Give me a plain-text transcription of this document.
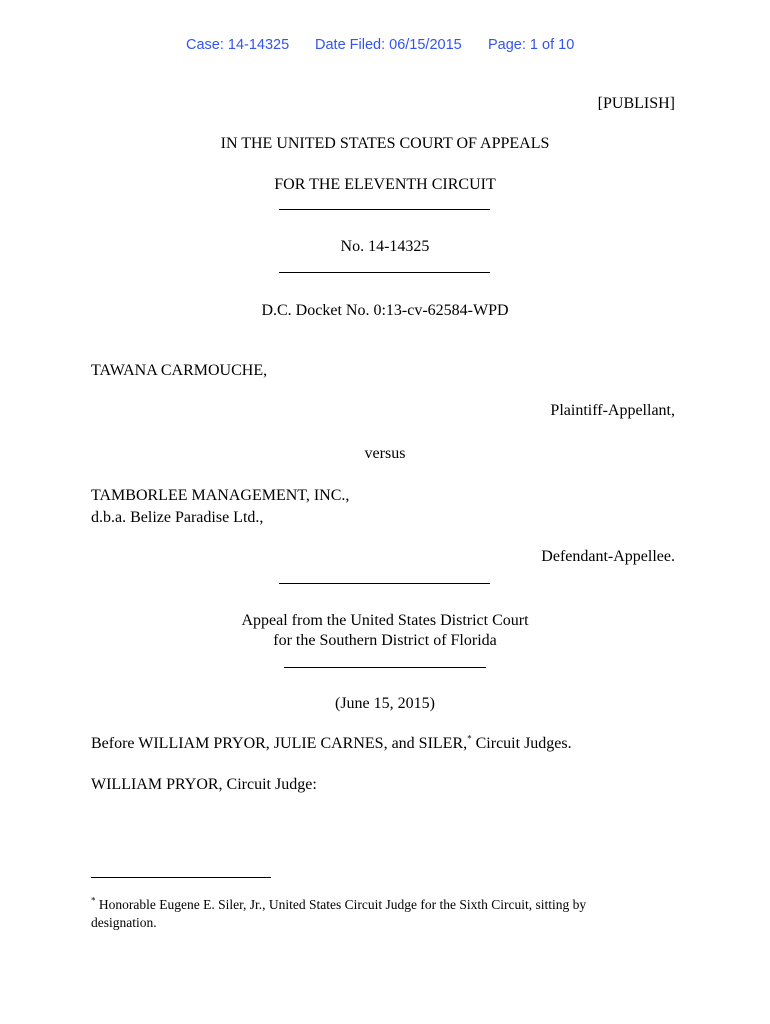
Case: 14-14325 Date Filed: 06/15/2015 Page: 1 of 10
[PUBLISH]
IN THE UNITED STATES COURT OF APPEALS
FOR THE ELEVENTH CIRCUIT
No. 14-14325
D.C. Docket No. 0:13-cv-62584-WPD
TAWANA CARMOUCHE,
Plaintiff-Appellant,
versus
TAMBORLEE MANAGEMENT, INC.,
d.b.a. Belize Paradise Ltd.,
Defendant-Appellee.
Appeal from the United States District Court
for the Southern District of Florida
(June 15, 2015)
Before WILLIAM PRYOR, JULIE CARNES, and SILER,* Circuit Judges.
WILLIAM PRYOR, Circuit Judge:
* Honorable Eugene E. Siler, Jr., United States Circuit Judge for the Sixth Circuit, sitting by
designation.
